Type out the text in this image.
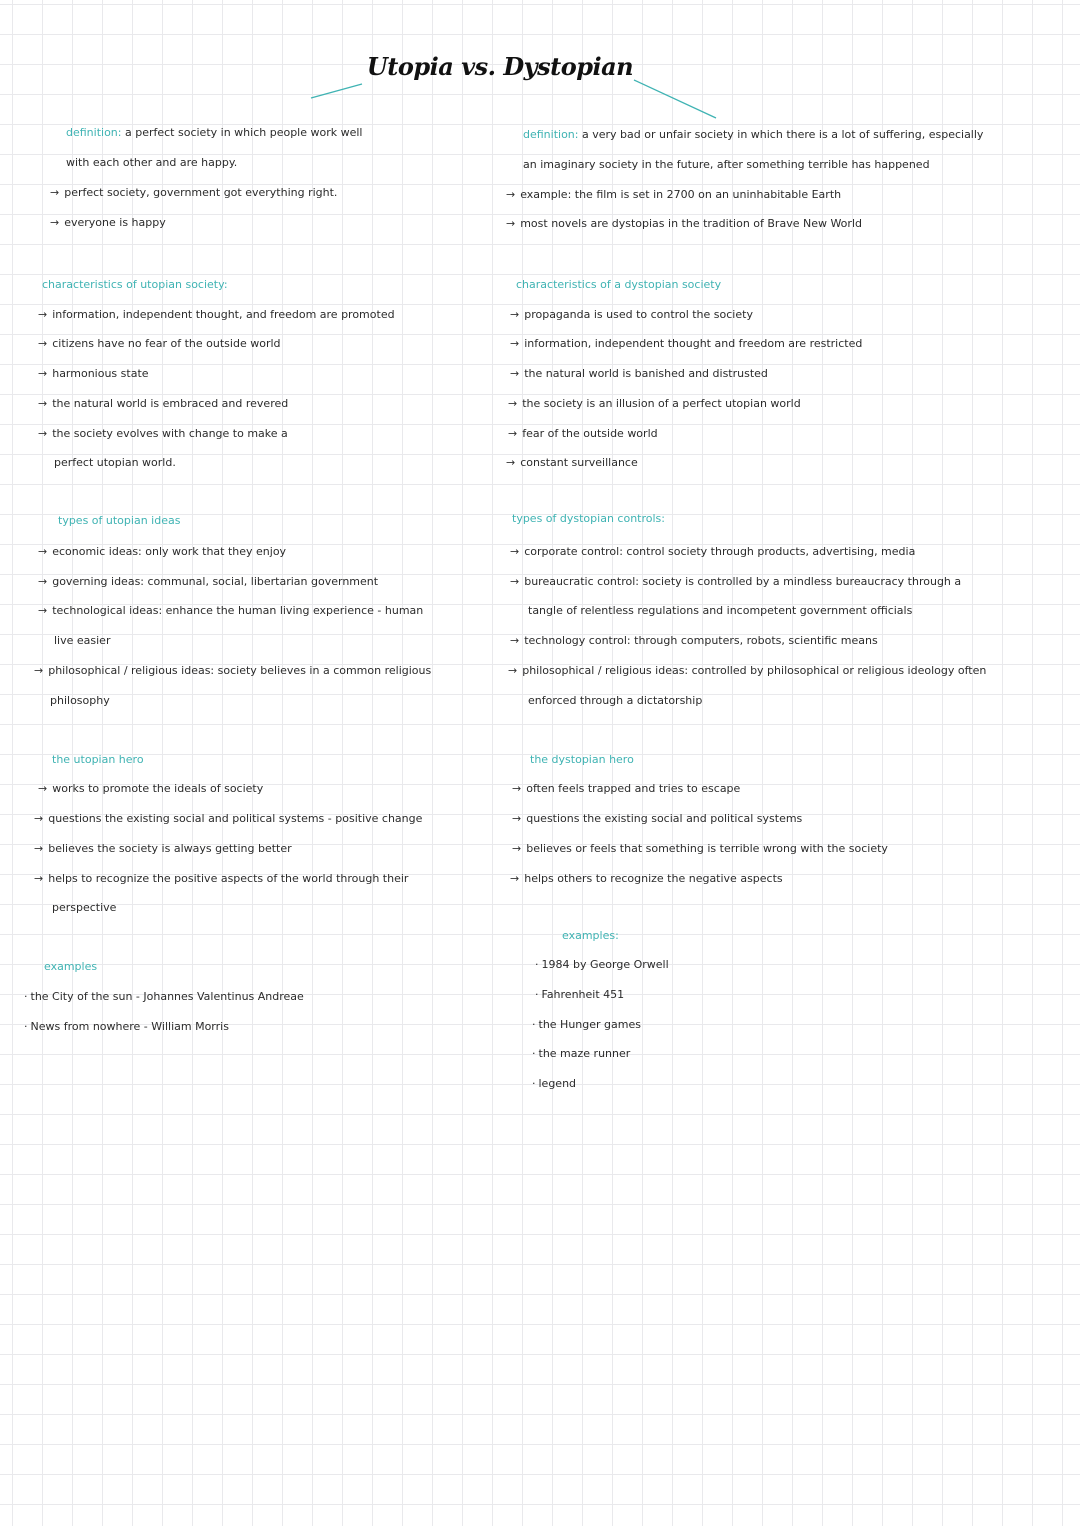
Utopia vs. Dystopian
definition: a perfect society in which people work well
with each other and are happy.
→ perfect society, government got everything right.
→ everyone is happy
characteristics of utopian society:
→ information, independent thought, and freedom are promoted
→ citizens have no fear of the outside world
→ harmonious state
→ the natural world is embraced and revered
→ the society evolves with change to make a
perfect utopian world.
types of utopian ideas
→ economic ideas: only work that they enjoy
→ governing ideas: communal, social, libertarian government
→ technological ideas: enhance the human living experience - human
live easier
→ philosophical / religious ideas: society believes in a common religious
philosophy
the utopian hero
→ works to promote the ideals of society
→ questions the existing social and political systems - positive change
→ believes the society is always getting better
→ helps to recognize the positive aspects of the world through their
perspective
examples
· the City of the sun - Johannes Valentinus Andreae
· News from nowhere - William Morris
definition: a very bad or unfair society in which there is a lot of suffering, especially
an imaginary society in the future, after something terrible has happened
→ example: the film is set in 2700 on an uninhabitable Earth
→ most novels are dystopias in the tradition of Brave New World
characteristics of a dystopian society
→ propaganda is used to control the society
→ information, independent thought and freedom are restricted
→ the natural world is banished and distrusted
→ the society is an illusion of a perfect utopian world
→ fear of the outside world
→ constant surveillance
types of dystopian controls:
→ corporate control: control society through products, advertising, media
→ bureaucratic control: society is controlled by a mindless bureaucracy through a
tangle of relentless regulations and incompetent government officials
→ technology control: through computers, robots, scientific means
→ philosophical / religious ideas: controlled by philosophical or religious ideology often
enforced through a dictatorship
the dystopian hero
→ often feels trapped and tries to escape
→ questions the existing social and political systems
→ believes or feels that something is terrible wrong with the society
→ helps others to recognize the negative aspects
examples:
· 1984 by George Orwell
· Fahrenheit 451
· the Hunger games
· the maze runner
· legend
